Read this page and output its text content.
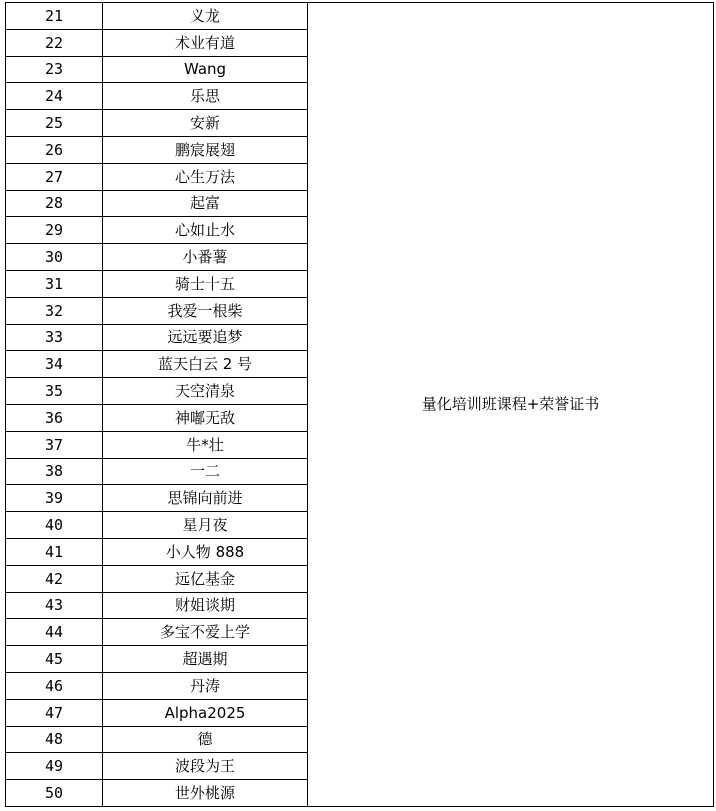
21	义龙	量化培训班课程+荣誉证书
22	术业有道	
23	Wang	
24	乐思	
25	安新	
26	鹏宸展翅	
27	心生万法	
28	起富	
29	心如止水	
30	小番薯	
31	骑士十五	
32	我爱一根柴	
33	远远要追梦	
34	蓝天白云 2 号	
35	天空清泉	
36	神嘟无敌	
37	牛*壮	
38	一二	
39	思锦向前进	
40	星月夜	
41	小人物 888	
42	远亿基金	
43	财姐谈期	
44	多宝不爱上学	
45	超遇期	
46	丹涛	
47	Alpha2025	
48	德	
49	波段为王	
50	世外桃源	
